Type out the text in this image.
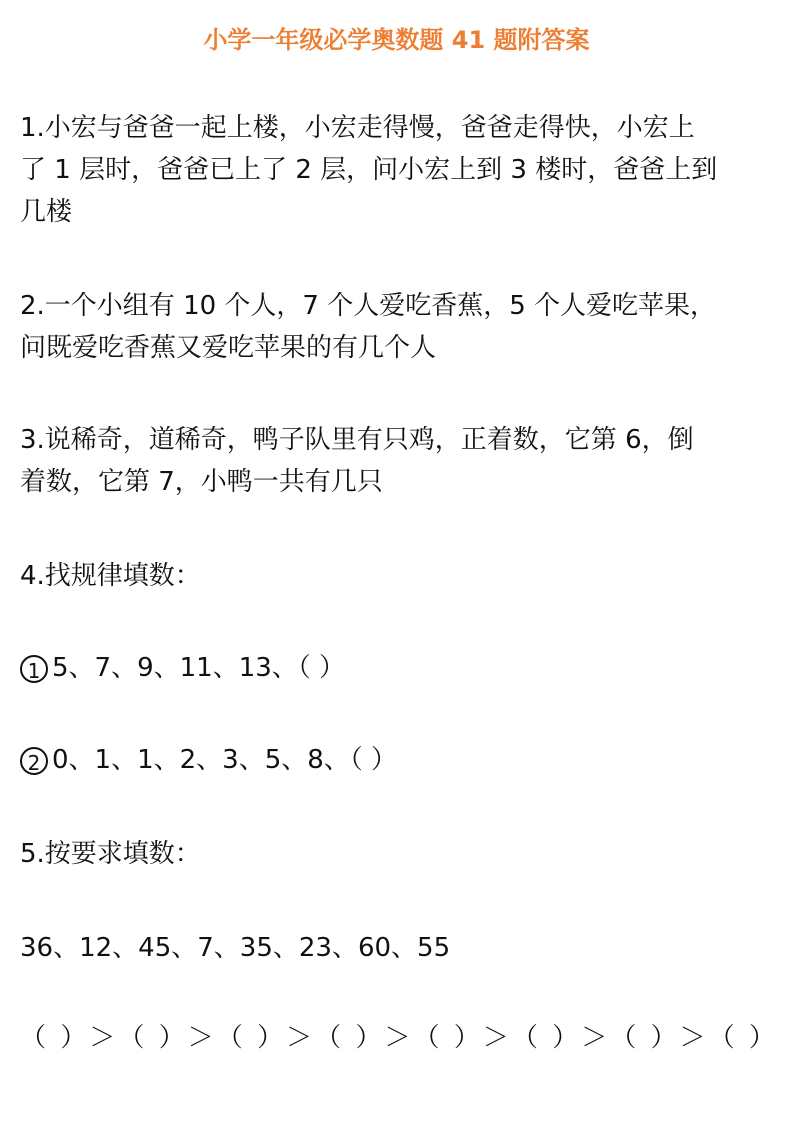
小学一年级必学奥数题 41 题附答案
1.小宏与爸爸一起上楼，小宏走得慢，爸爸走得快，小宏上
了 1 层时，爸爸已上了 2 层，问小宏上到 3 楼时，爸爸上到
几楼
2.一个小组有 10 个人，7 个人爱吃香蕉，5 个人爱吃苹果，
问既爱吃香蕉又爱吃苹果的有几个人
3.说稀奇，道稀奇，鸭子队里有只鸡，正着数，它第 6，倒
着数，它第 7，小鸭一共有几只
4.找规律填数：
1 5、7、9、11、13、（ ）
2 0、1、1、2、3、5、8、（ ）
5.按要求填数：
36、12、45、7、35、23、60、55
（ ）＞（ ）＞（ ）＞（ ）＞（ ）＞（ ）＞（ ）＞（ ）
